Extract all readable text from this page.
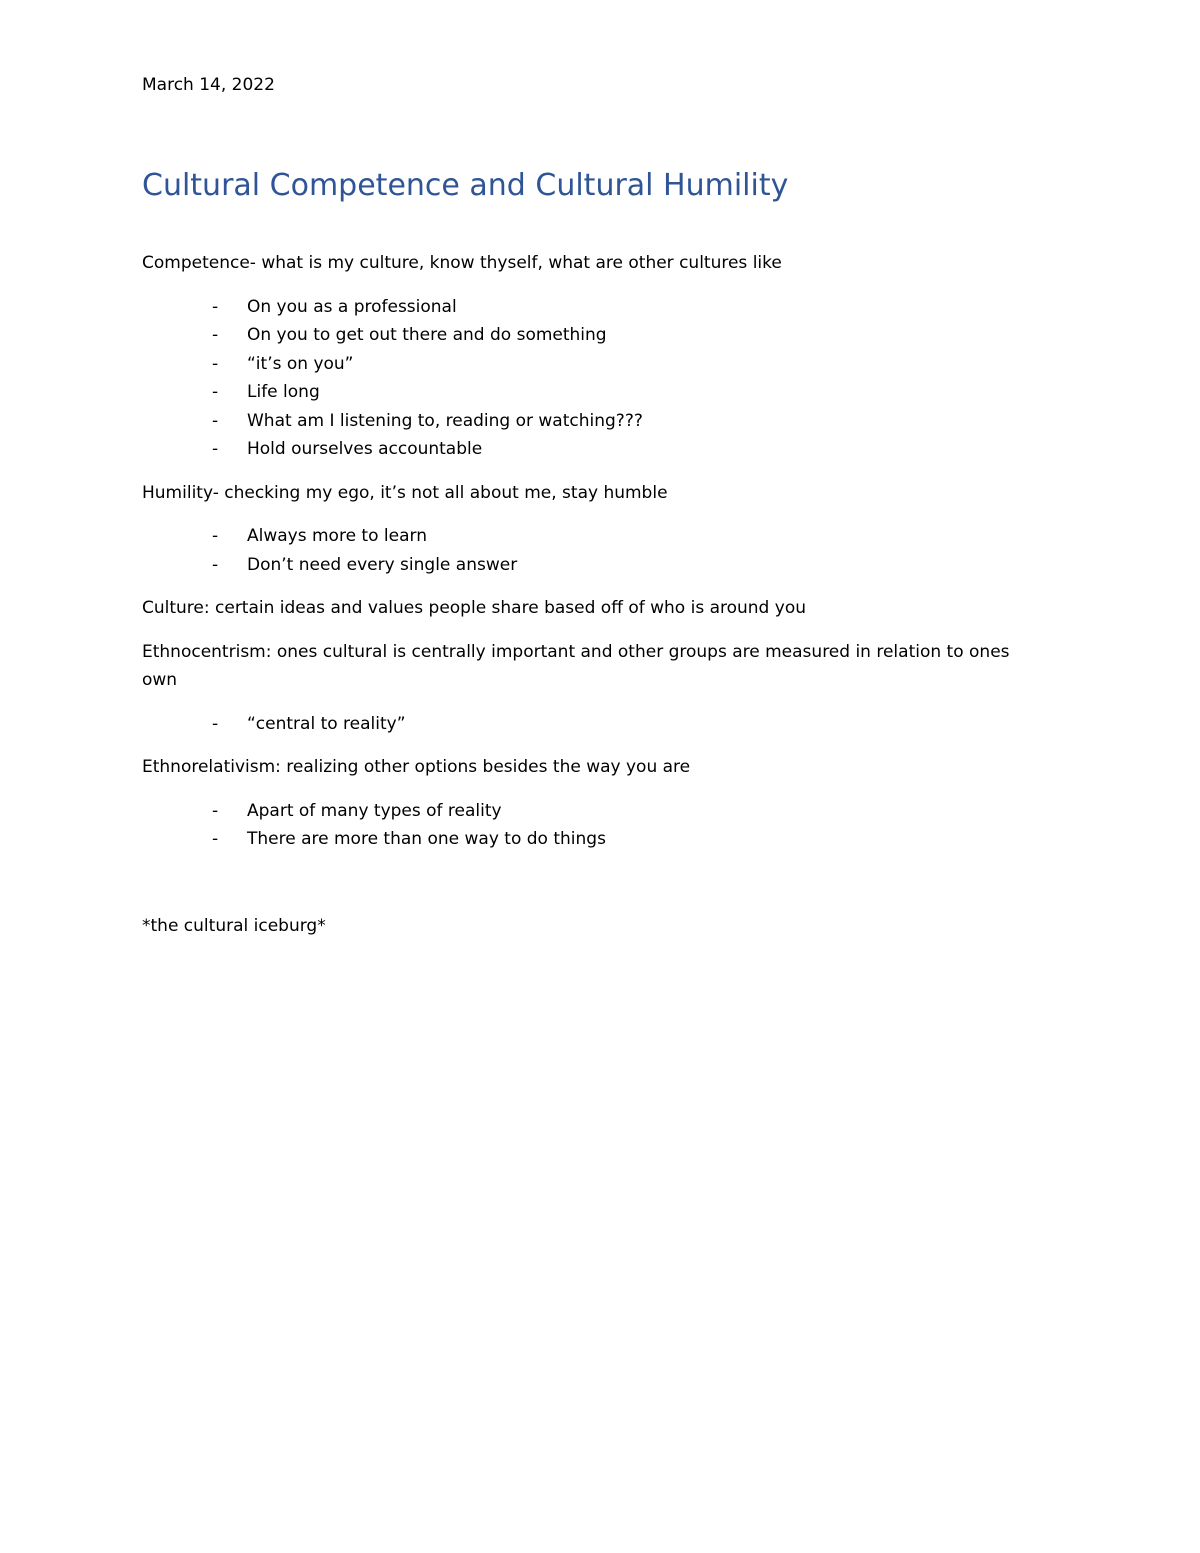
March 14, 2022

Cultural Competence and Cultural Humility

Competence- what is my culture, know thyself, what are other cultures like

- On you as a professional
- On you to get out there and do something
- “it’s on you”
- Life long
- What am I listening to, reading or watching???
- Hold ourselves accountable

Humility- checking my ego, it’s not all about me, stay humble

- Always more to learn
- Don’t need every single answer

Culture: certain ideas and values people share based off of who is around you

Ethnocentrism: ones cultural is centrally important and other groups are measured in relation to ones own

- “central to reality”

Ethnorelativism: realizing other options besides the way you are

- Apart of many types of reality
- There are more than one way to do things

*the cultural iceburg*
